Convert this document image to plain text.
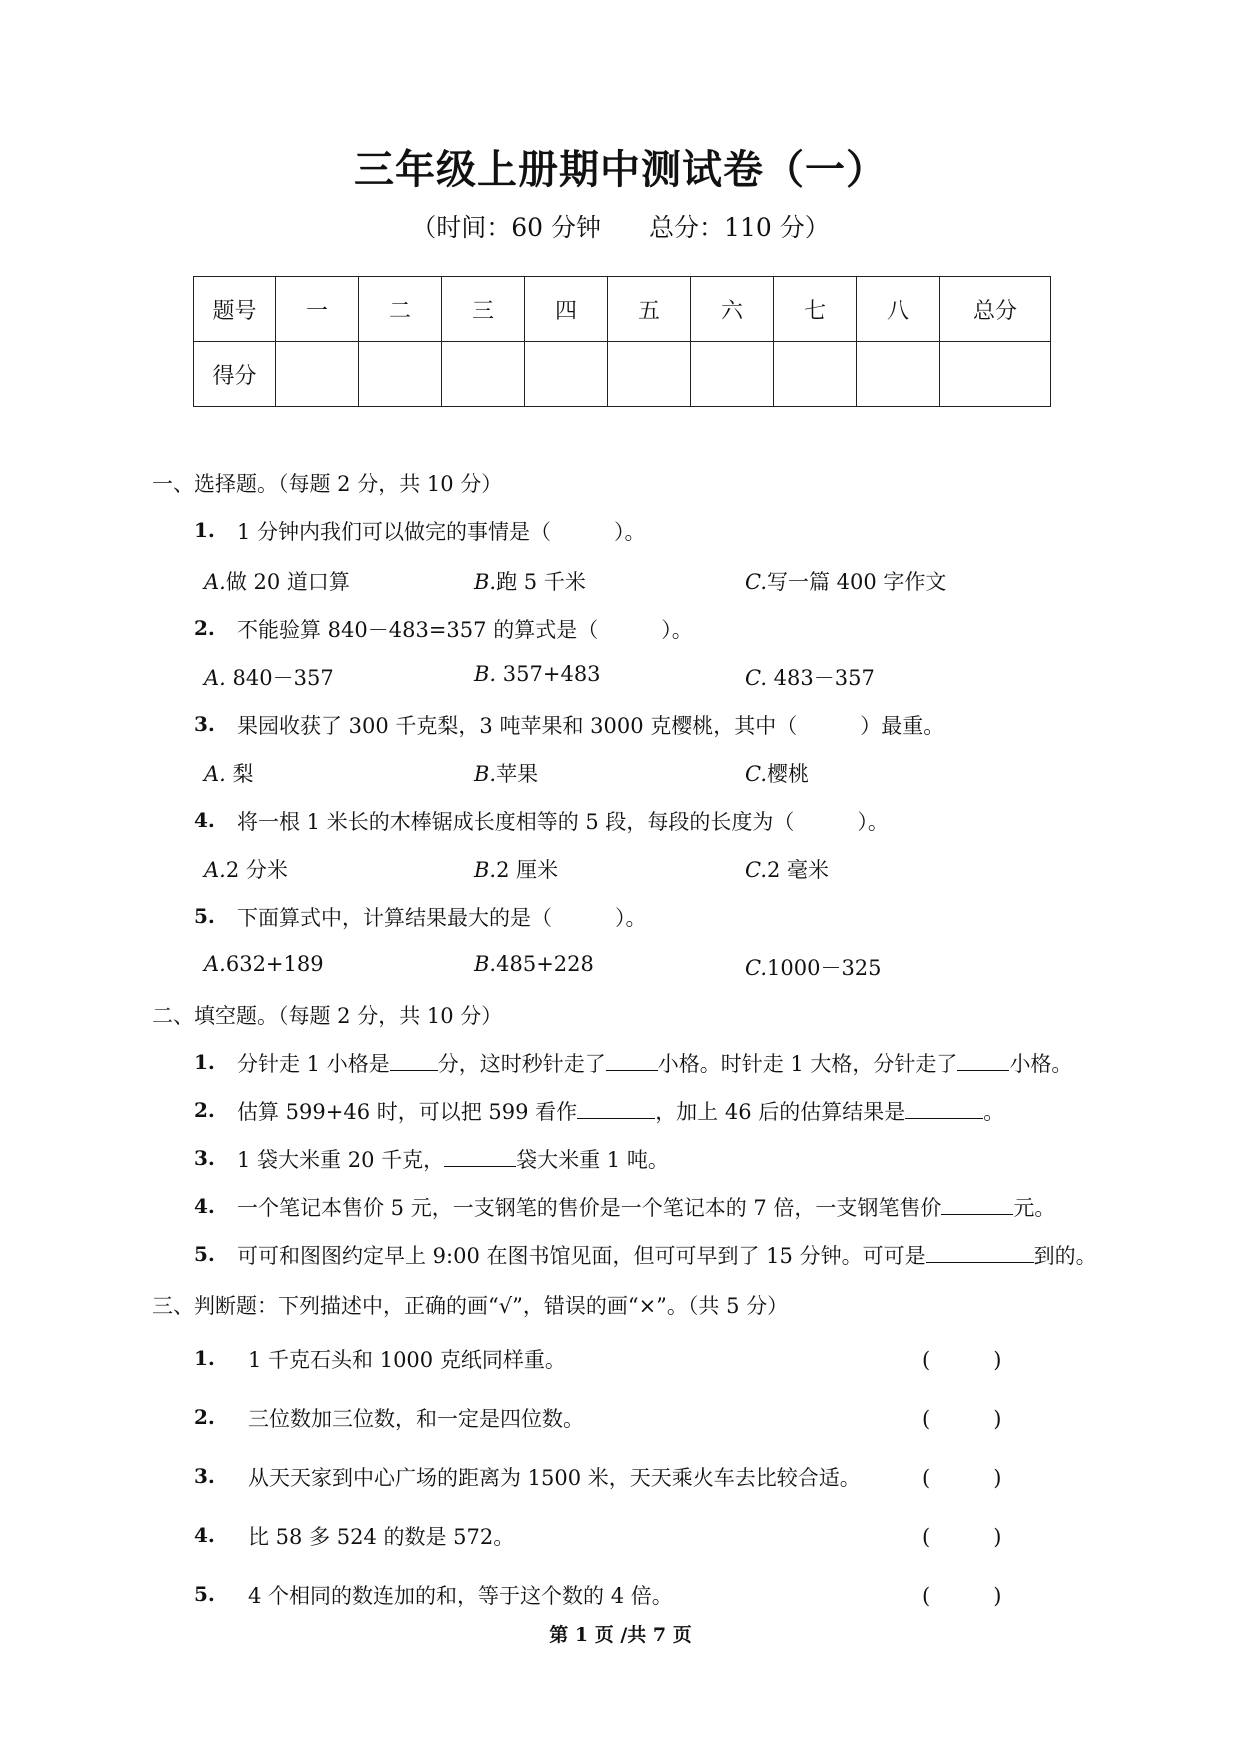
三年级上册期中测试卷（一）
（时间：60 分钟 总分：110 分）
题号	一	二	三	四	五	六	七	八	总分
得分									
一、选择题。（每题 2 分，共 10 分）
1. 1 分钟内我们可以做完的事情是（　　　）。
A.做 20 道口算	B.跑 5 千米	C.写一篇 400 字作文
2. 不能验算 840－483=357 的算式是（　　　）。
A. 840－357	B. 357+483	C. 483－357
3. 果园收获了 300 千克梨，3 吨苹果和 3000 克樱桃，其中（　　　）最重。
A. 梨	B.苹果	C.樱桃
4. 将一根 1 米长的木棒锯成长度相等的 5 段，每段的长度为（　　　）。
A.2 分米	B.2 厘米	C.2 毫米
5. 下面算式中，计算结果最大的是（　　　）。
A.632+189	B.485+228	C.1000－325
二、填空题。（每题 2 分，共 10 分）
1. 分针走 1 小格是 分，这时秒针走了 小格。时针走 1 大格，分针走了 小格。
2. 估算 599+46 时，可以把 599 看作	，加上 46 后的估算结果是	。
3. 1 袋大米重 20 千克，	袋大米重 1 吨。
4. 一个笔记本售价 5 元，一支钢笔的售价是一个笔记本的 7 倍，一支钢笔售价	元。
5. 可可和图图约定早上 9:00 在图书馆见面，但可可早到了 15 分钟。可可是	到的。
三、判断题：下列描述中，正确的画“√”，错误的画“×”。（共 5 分）
1. 1 千克石头和 1000 克纸同样重。	(　　　)
2. 三位数加三位数，和一定是四位数。	(　　　)
3. 从天天家到中心广场的距离为 1500 米，天天乘火车去比较合适。	(　　　)
4. 比 58 多 524 的数是 572。	(　　　)
5. 4 个相同的数连加的和，等于这个数的 4 倍。	(　　　)
第 1 页 /共 7 页
